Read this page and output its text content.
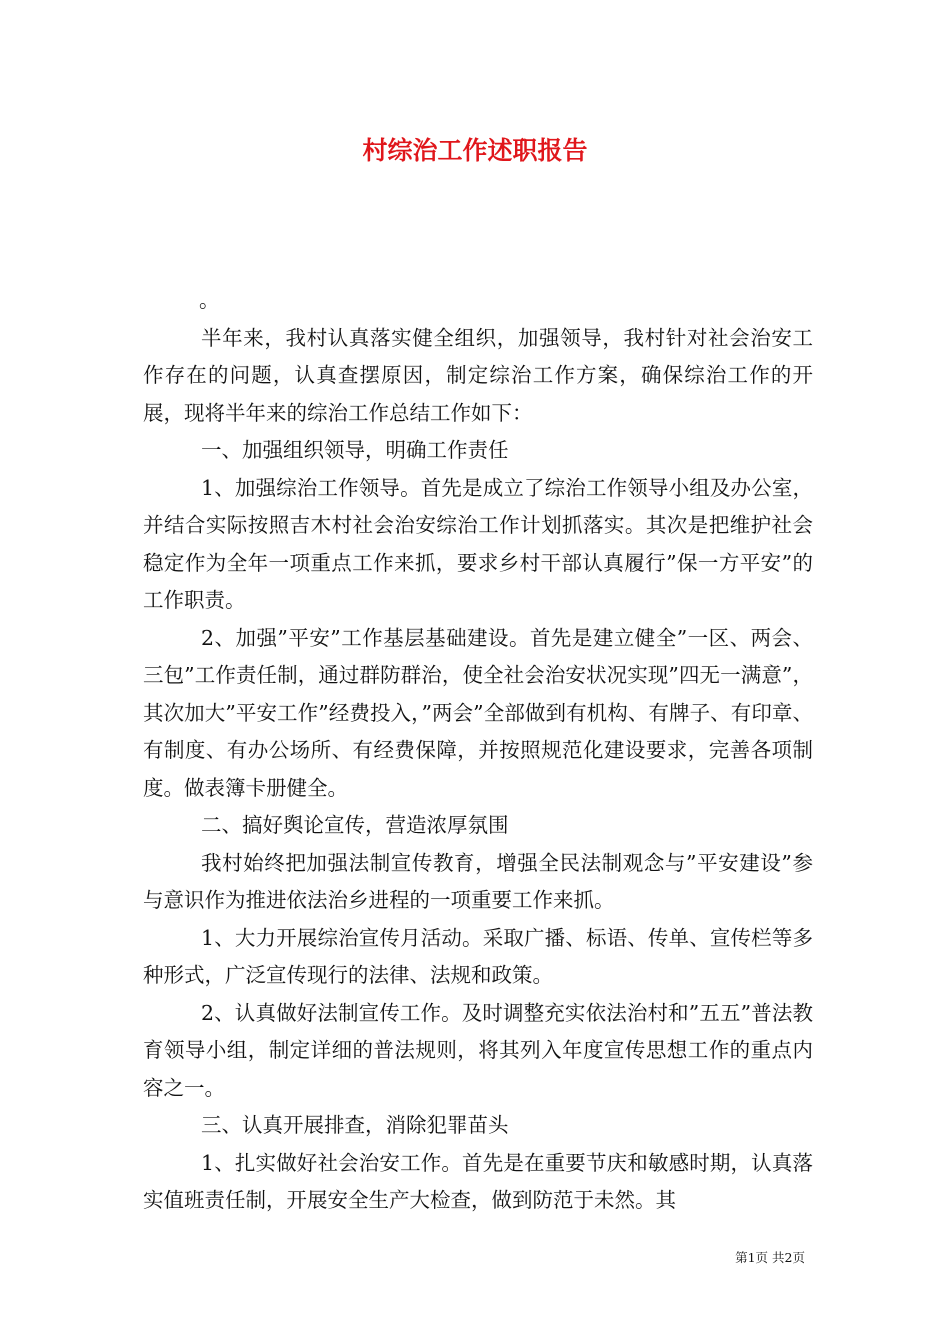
村综治工作述职报告

。

半年来，我村认真落实健全组织，加强领导，我村针对社会治安工作存在的问题，认真查摆原因，制定综治工作方案，确保综治工作的开展，现将半年来的综治工作总结工作如下：

一、加强组织领导，明确工作责任

1、加强综治工作领导。首先是成立了综治工作领导小组及办公室，并结合实际按照吉木村社会治安综治工作计划抓落实。其次是把维护社会稳定作为全年一项重点工作来抓，要求乡村干部认真履行”保一方平安”的工作职责。

2、加强”平安”工作基层基础建设。首先是建立健全”一区、两会、三包”工作责任制，通过群防群治，使全社会治安状况实现”四无一满意”，其次加大”平安工作”经费投入，”两会”全部做到有机构、有牌子、有印章、有制度、有办公场所、有经费保障，并按照规范化建设要求，完善各项制度。做表簿卡册健全。

二、搞好舆论宣传，营造浓厚氛围

我村始终把加强法制宣传教育，增强全民法制观念与”平安建设”参与意识作为推进依法治乡进程的一项重要工作来抓。

1、大力开展综治宣传月活动。采取广播、标语、传单、宣传栏等多种形式，广泛宣传现行的法律、法规和政策。

2、认真做好法制宣传工作。及时调整充实依法治村和”五五”普法教育领导小组，制定详细的普法规则，将其列入年度宣传思想工作的重点内容之一。

三、认真开展排查，消除犯罪苗头

1、扎实做好社会治安工作。首先是在重要节庆和敏感时期，认真落实值班责任制，开展安全生产大检查，做到防范于未然。其

第1页 共2页
